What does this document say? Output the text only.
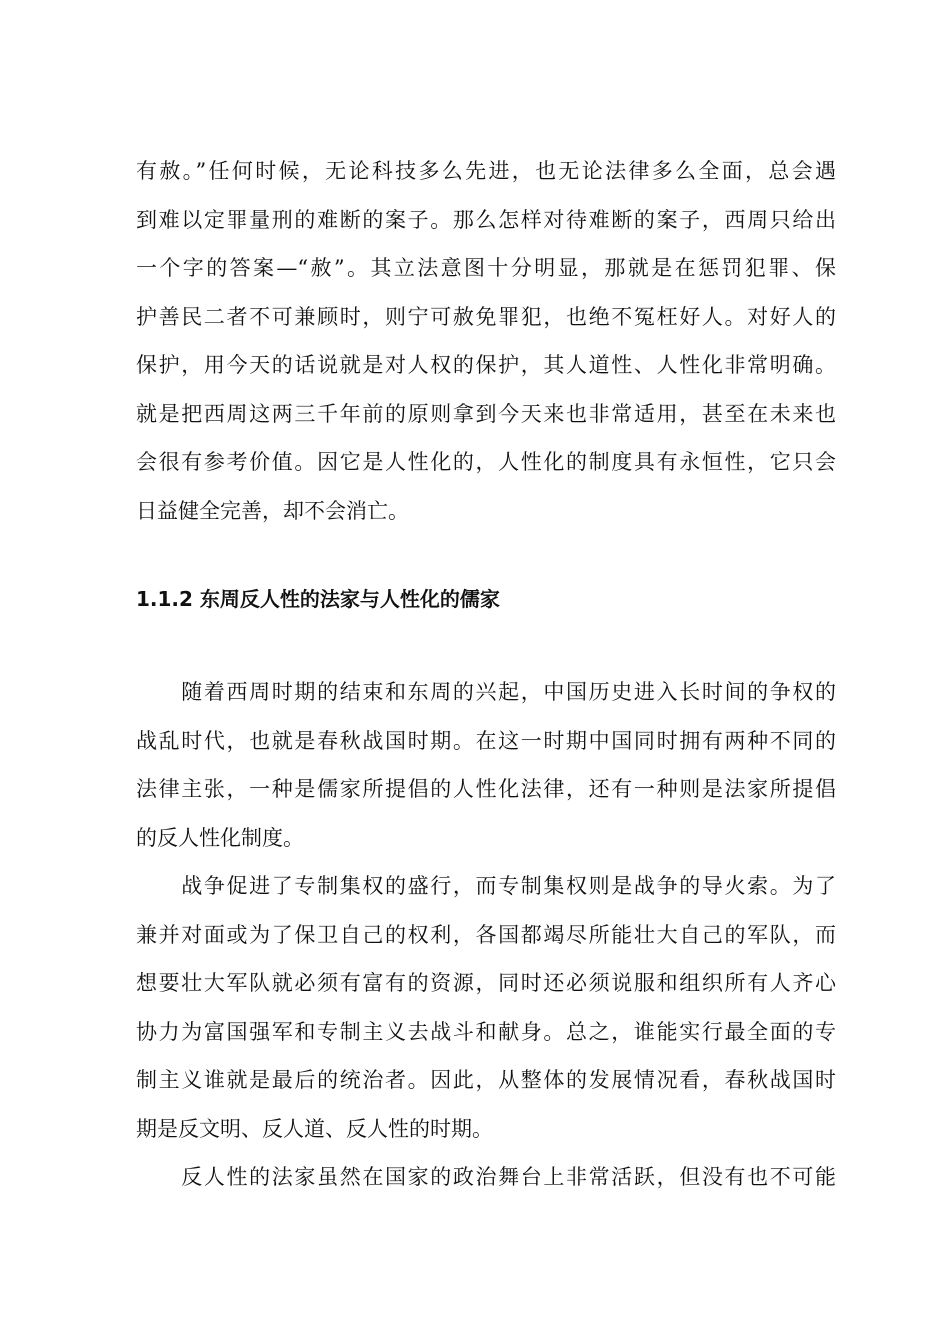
有赦。”任何时候，无论科技多么先进，也无论法律多么全面，总会遇
到难以定罪量刑的难断的案子。那么怎样对待难断的案子，西周只给出
一个字的答案—“赦”。其立法意图十分明显，那就是在惩罚犯罪、保
护善民二者不可兼顾时，则宁可赦免罪犯，也绝不冤枉好人。对好人的
保护，用今天的话说就是对人权的保护，其人道性、人性化非常明确。
就是把西周这两三千年前的原则拿到今天来也非常适用，甚至在未来也
会很有参考价值。因它是人性化的，人性化的制度具有永恒性，它只会
日益健全完善，却不会消亡。

1.1.2 东周反人性的法家与人性化的儒家

　　随着西周时期的结束和东周的兴起，中国历史进入长时间的争权的
战乱时代，也就是春秋战国时期。在这一时期中国同时拥有两种不同的
法律主张，一种是儒家所提倡的人性化法律，还有一种则是法家所提倡
的反人性化制度。

　　战争促进了专制集权的盛行，而专制集权则是战争的导火索。为了
兼并对面或为了保卫自己的权利，各国都竭尽所能壮大自己的军队，而
想要壮大军队就必须有富有的资源，同时还必须说服和组织所有人齐心
协力为富国强军和专制主义去战斗和献身。总之，谁能实行最全面的专
制主义谁就是最后的统治者。因此，从整体的发展情况看，春秋战国时
期是反文明、反人道、反人性的时期。

　　反人性的法家虽然在国家的政治舞台上非常活跃，但没有也不可能
